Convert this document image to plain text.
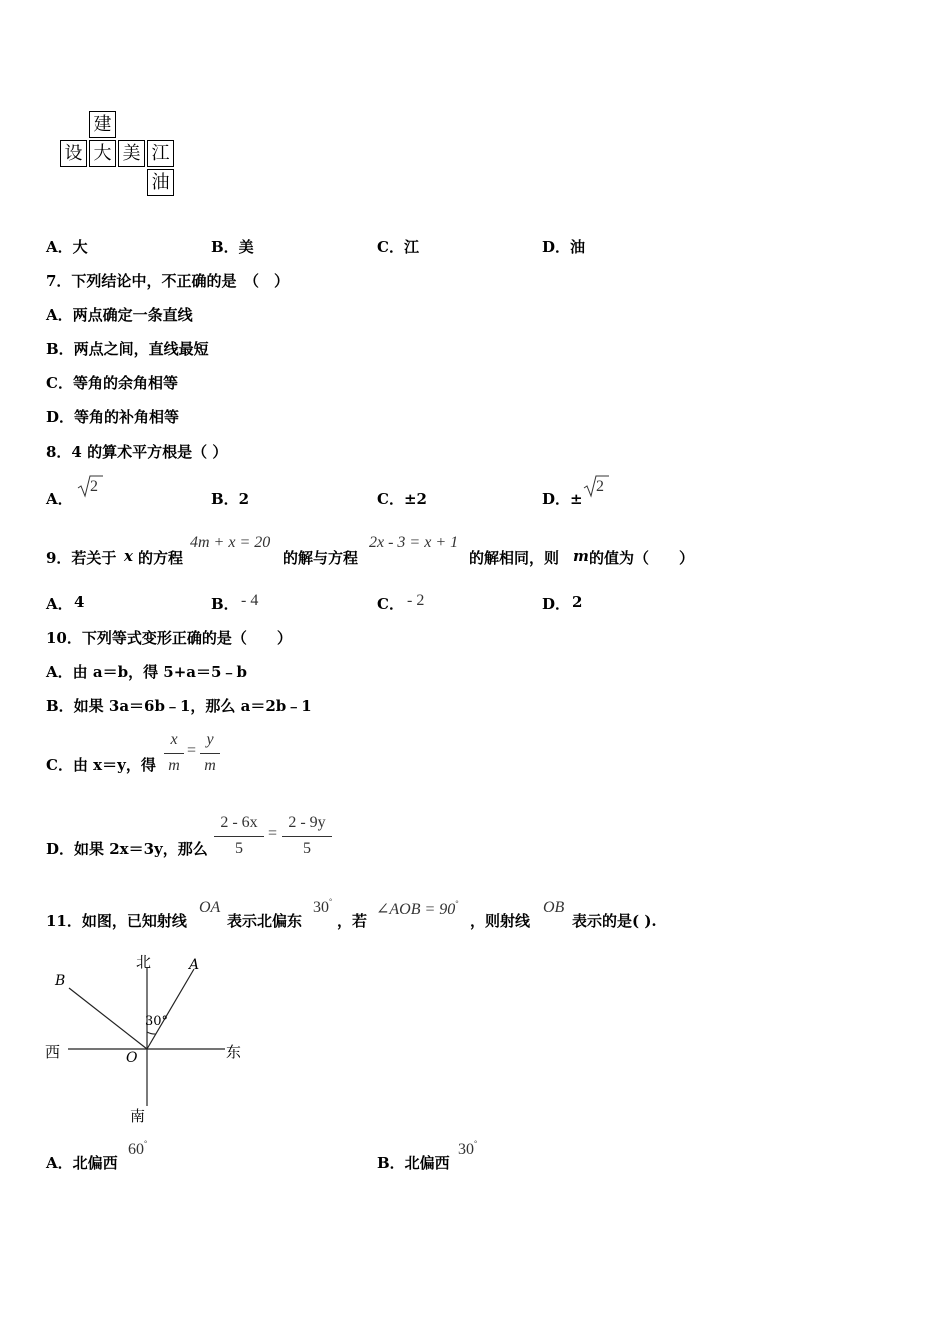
建
设 大 美 江
油
A．大	B．美	C．江	D．油
7．下列结论中，不正确的是　（　）
A．两点确定一条直线
B．两点之间，直线最短
C．等角的余角相等
D．等角的补角相等
8．4 的算术平方根是（ ）
A．
2
B．2	C．±2	D．±
2
9．若关于 x 的方程
4m + x = 20
的解与方程
2x - 3 = x + 1
的解相同，则 m 的值为（　　）
A． 4	B． - 4	C． - 2	D． 2
10．下列等式变形正确的是（　　）
A．由 a＝b，得 5+a＝5﹣b
B．如果 3a＝6b﹣1，那么 a＝2b﹣1
C．由 x＝y，得
x
m
=
y
m
D．如果 2x＝3y，那么
2 - 6x
5
=
2 - 9y
5
11．如图，已知射线
OA
表示北偏东
30°
，若
∠AOB = 90°
，则射线
OB
表示的是( ).
北
南
东
西
A
B
O
30°
A．北偏西
60°
B．北偏西
30°
